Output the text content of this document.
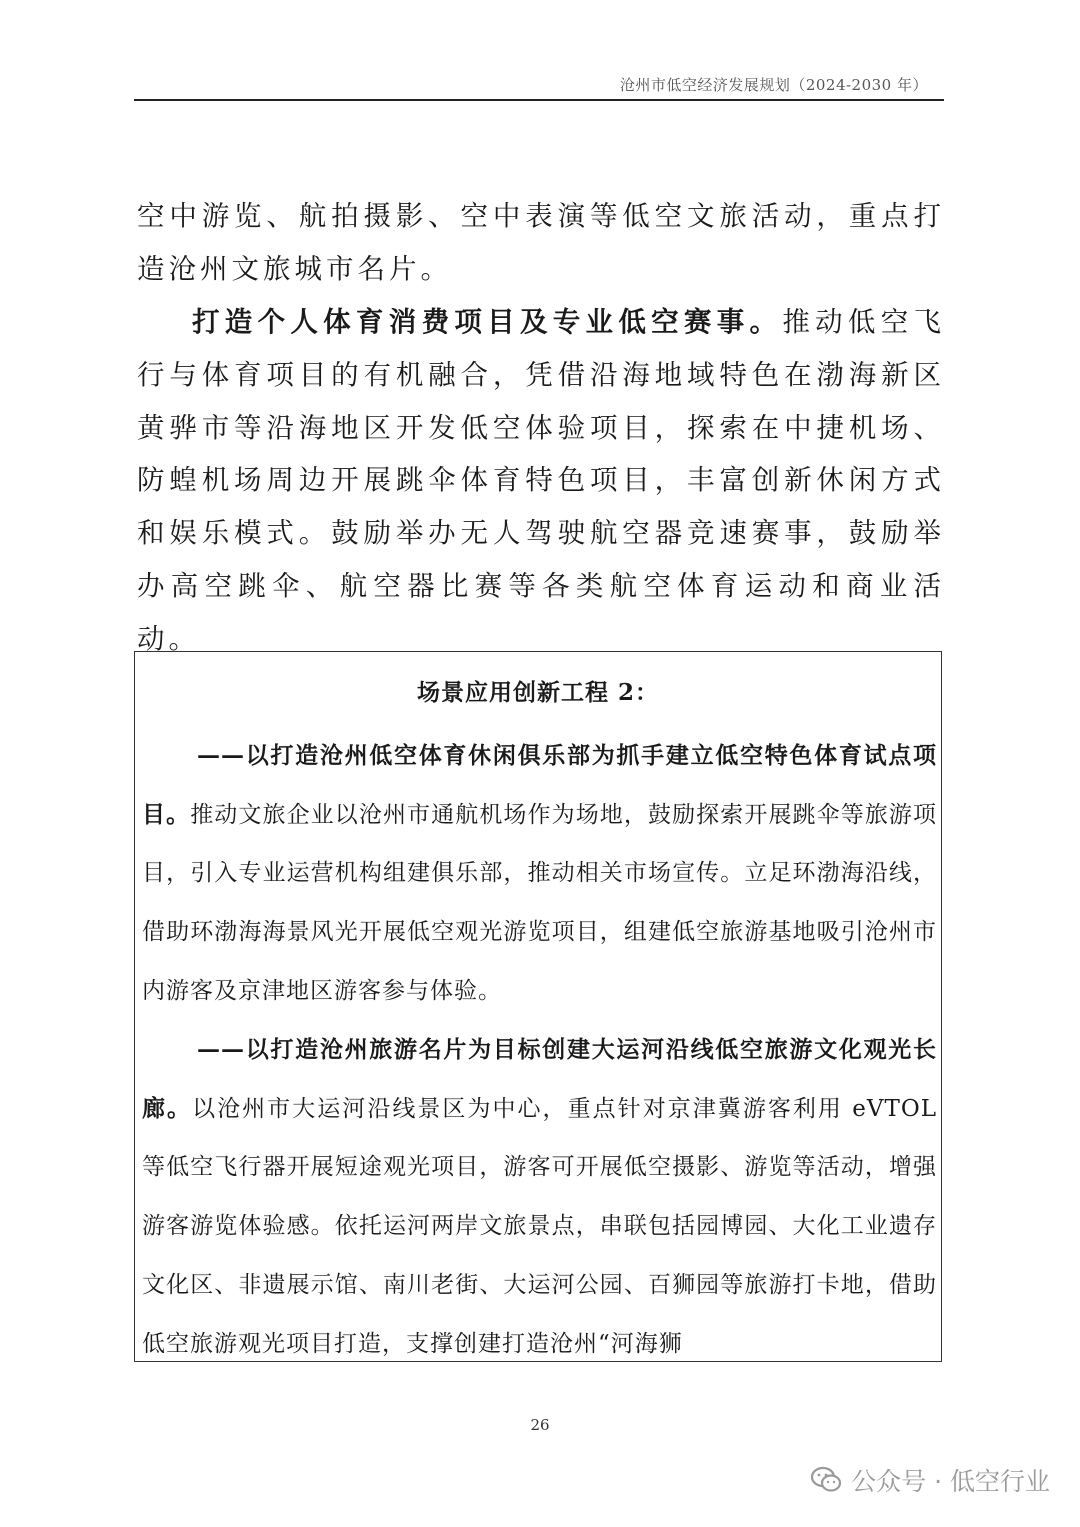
沧州市低空经济发展规划（2024-2030 年）
空中游览、航拍摄影、空中表演等低空文旅活动，重点打造沧州文旅城市名片。
打造个人体育消费项目及专业低空赛事。推动低空飞行与体育项目的有机融合，凭借沿海地域特色在渤海新区黄骅市等沿海地区开发低空体验项目，探索在中捷机场、防蝗机场周边开展跳伞体育特色项目，丰富创新休闲方式和娱乐模式。鼓励举办无人驾驶航空器竞速赛事，鼓励举办高空跳伞、航空器比赛等各类航空体育运动和商业活动。
场景应用创新工程 2：
——以打造沧州低空体育休闲俱乐部为抓手建立低空特色体育试点项目。推动文旅企业以沧州市通航机场作为场地，鼓励探索开展跳伞等旅游项目，引入专业运营机构组建俱乐部，推动相关市场宣传。立足环渤海沿线，借助环渤海海景风光开展低空观光游览项目，组建低空旅游基地吸引沧州市内游客及京津地区游客参与体验。
——以打造沧州旅游名片为目标创建大运河沿线低空旅游文化观光长廊。以沧州市大运河沿线景区为中心，重点针对京津冀游客利用 eVTOL 等低空飞行器开展短途观光项目，游客可开展低空摄影、游览等活动，增强游客游览体验感。依托运河两岸文旅景点，串联包括园博园、大化工业遗存文化区、非遗展示馆、南川老街、大运河公园、百狮园等旅游打卡地，借助低空旅游观光项目打造，支撑创建打造沧州“河海狮
26
公众号 · 低空行业
